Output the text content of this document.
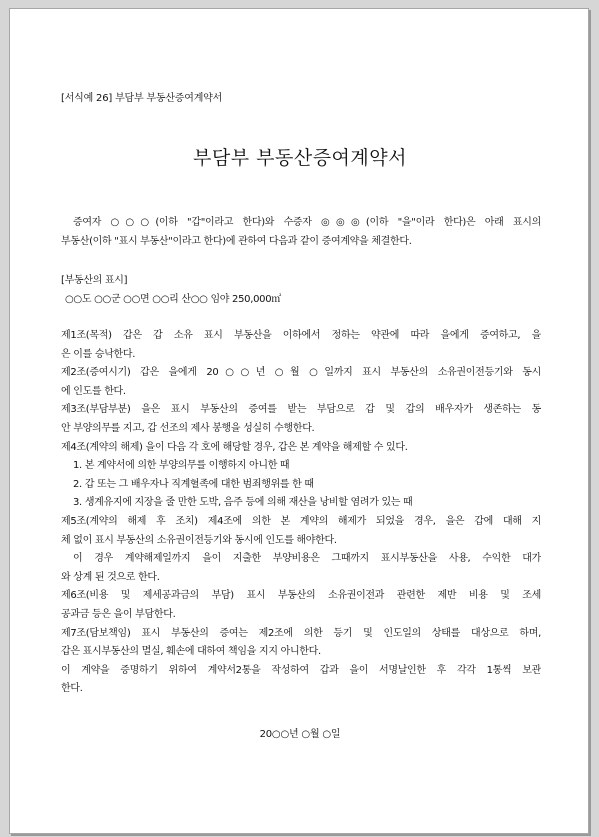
[서식예 26] 부담부 부동산증여계약서
부담부 부동산증여계약서
증여자 ○○○(이하 "갑"이라고 한다)와 수증자 ◎◎◎(이하 "을"이라 한다)은 아래 표시의
부동산(이하 "표시 부동산"이라고 한다)에 관하여 다음과 같이 증여계약을 체결한다.
[부동산의 표시]
○○도 ○○군 ○○면 ○○리 산○○ 임야 250,000㎡
제1조(목적) 갑은 갑 소유 표시 부동산을 이하에서 정하는 약관에 따라 을에게 증여하고, 을
은 이를 승낙한다.
제2조(증여시기) 갑은 을에게 20○○년 ○월 ○일까지 표시 부동산의 소유권이전등기와 동시
에 인도를 한다.
제3조(부담부분) 을은 표시 부동산의 증여를 받는 부담으로 갑 및 갑의 배우자가 생존하는 동
안 부양의무를 지고, 갑 선조의 제사 봉행을 성실히 수행한다.
제4조(계약의 해제) 을이 다음 각 호에 해당할 경우, 갑은 본 계약을 해제할 수 있다.
1. 본 계약서에 의한 부양의무를 이행하지 아니한 때
2. 갑 또는 그 배우자나 직계혈족에 대한 범죄행위를 한 때
3. 생계유지에 지장을 줄 만한 도박, 음주 등에 의해 재산을 낭비할 염려가 있는 때
제5조(계약의 해제 후 조치) 제4조에 의한 본 계약의 해제가 되었을 경우, 을은 갑에 대해 지
체 없이 표시 부동산의 소유권이전등기와 동시에 인도를 해야한다.
이 경우 계약해제일까지 을이 지출한 부양비용은 그때까지 표시부동산을 사용, 수익한 대가
와 상계 된 것으로 한다.
제6조(비용 및 제세공과금의 부담) 표시 부동산의 소유권이전과 관련한 제반 비용 및 조세
공과금 등은 을이 부담한다.
제7조(담보책임) 표시 부동산의 증여는 제2조에 의한 등기 및 인도일의 상태를 대상으로 하며,
갑은 표시부동산의 멸실, 훼손에 대하여 책임을 지지 아니한다.
이 계약을 증명하기 위하여 계약서2통을 작성하여 갑과 을이 서명날인한 후 각각 1통씩 보관
한다.
20○○년 ○월 ○일
